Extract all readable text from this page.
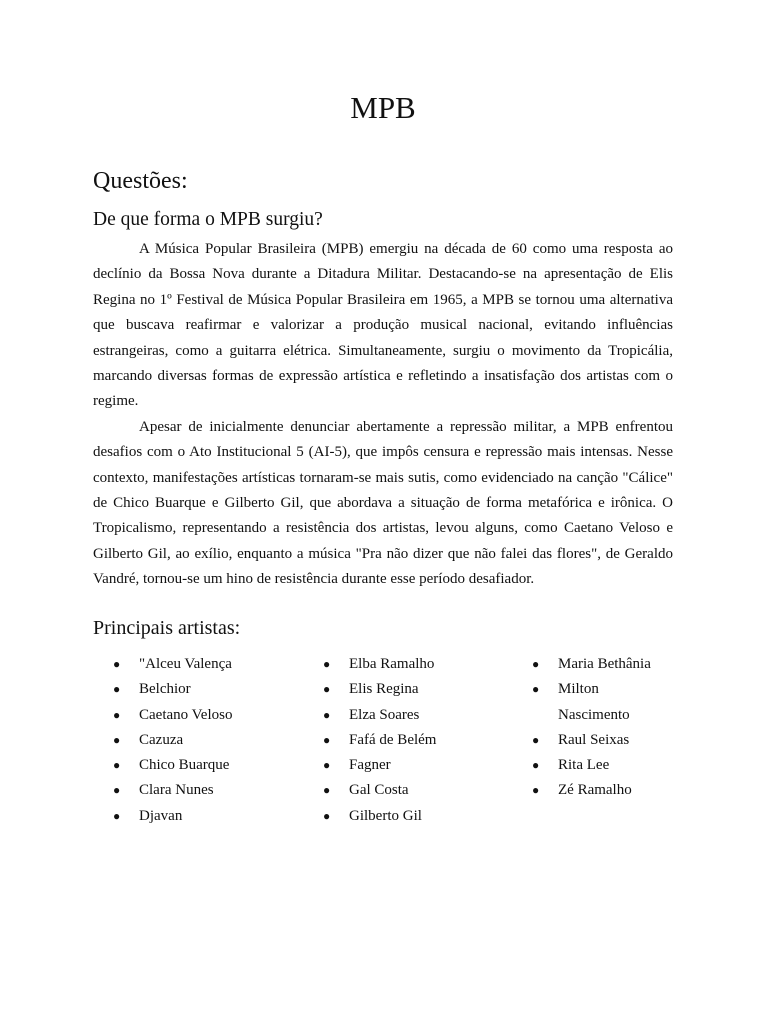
MPB
Questões:
De que forma o MPB surgiu?

A Música Popular Brasileira (MPB) emergiu na década de 60 como uma resposta ao declínio da Bossa Nova durante a Ditadura Militar. Destacando-se na apresentação de Elis Regina no 1º Festival de Música Popular Brasileira em 1965, a MPB se tornou uma alternativa que buscava reafirmar e valorizar a produção musical nacional, evitando influências estrangeiras, como a guitarra elétrica. Simultaneamente, surgiu o movimento da Tropicália, marcando diversas formas de expressão artística e refletindo a insatisfação dos artistas com o regime.

Apesar de inicialmente denunciar abertamente a repressão militar, a MPB enfrentou desafios com o Ato Institucional 5 (AI-5), que impôs censura e repressão mais intensas. Nesse contexto, manifestações artísticas tornaram-se mais sutis, como evidenciado na canção "Cálice" de Chico Buarque e Gilberto Gil, que abordava a situação de forma metafórica e irônica. O Tropicalismo, representando a resistência dos artistas, levou alguns, como Caetano Veloso e Gilberto Gil, ao exílio, enquanto a música "Pra não dizer que não falei das flores", de Geraldo Vandré, tornou-se um hino de resistência durante esse período desafiador.

Principais artistas:
● "Alceu Valença
● Belchior
● Caetano Veloso
● Cazuza
● Chico Buarque
● Clara Nunes
● Djavan
● Elba Ramalho
● Elis Regina
● Elza Soares
● Fafá de Belém
● Fagner
● Gal Costa
● Gilberto Gil
● Maria Bethânia
● Milton Nascimento
● Raul Seixas
● Rita Lee
● Zé Ramalho
